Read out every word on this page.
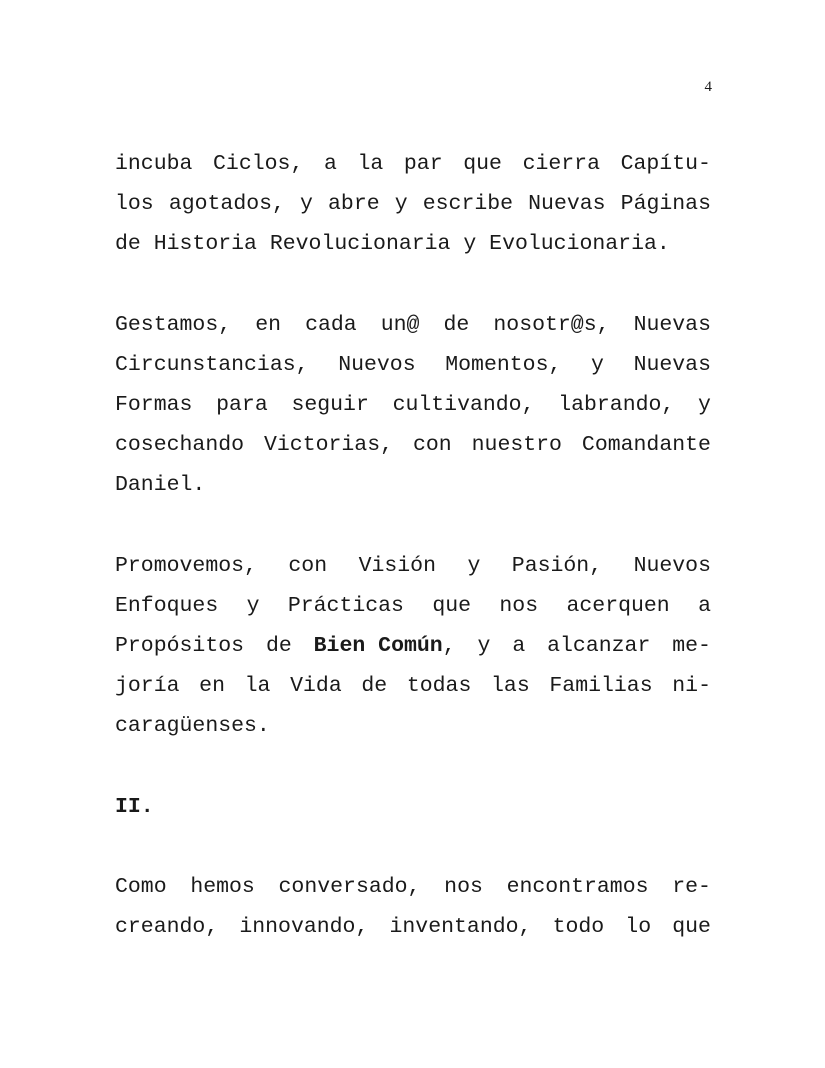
4
incuba Ciclos, a la par que cierra Capítu-
los agotados, y abre y escribe Nuevas Páginas
de Historia Revolucionaria y Evolucionaria.
Gestamos, en cada un@ de nosotr@s, Nuevas
Circunstancias, Nuevos Momentos, y Nuevas
Formas para seguir cultivando, labrando, y
cosechando Victorias, con nuestro Comandante
Daniel.
Promovemos, con Visión y Pasión, Nuevos
Enfoques y Prácticas que nos acerquen a
Propósitos de Bien Común, y a alcanzar me-
joría en la Vida de todas las Familias ni-
caragüenses.
II.
Como hemos conversado, nos encontramos re-
creando, innovando, inventando, todo lo que
